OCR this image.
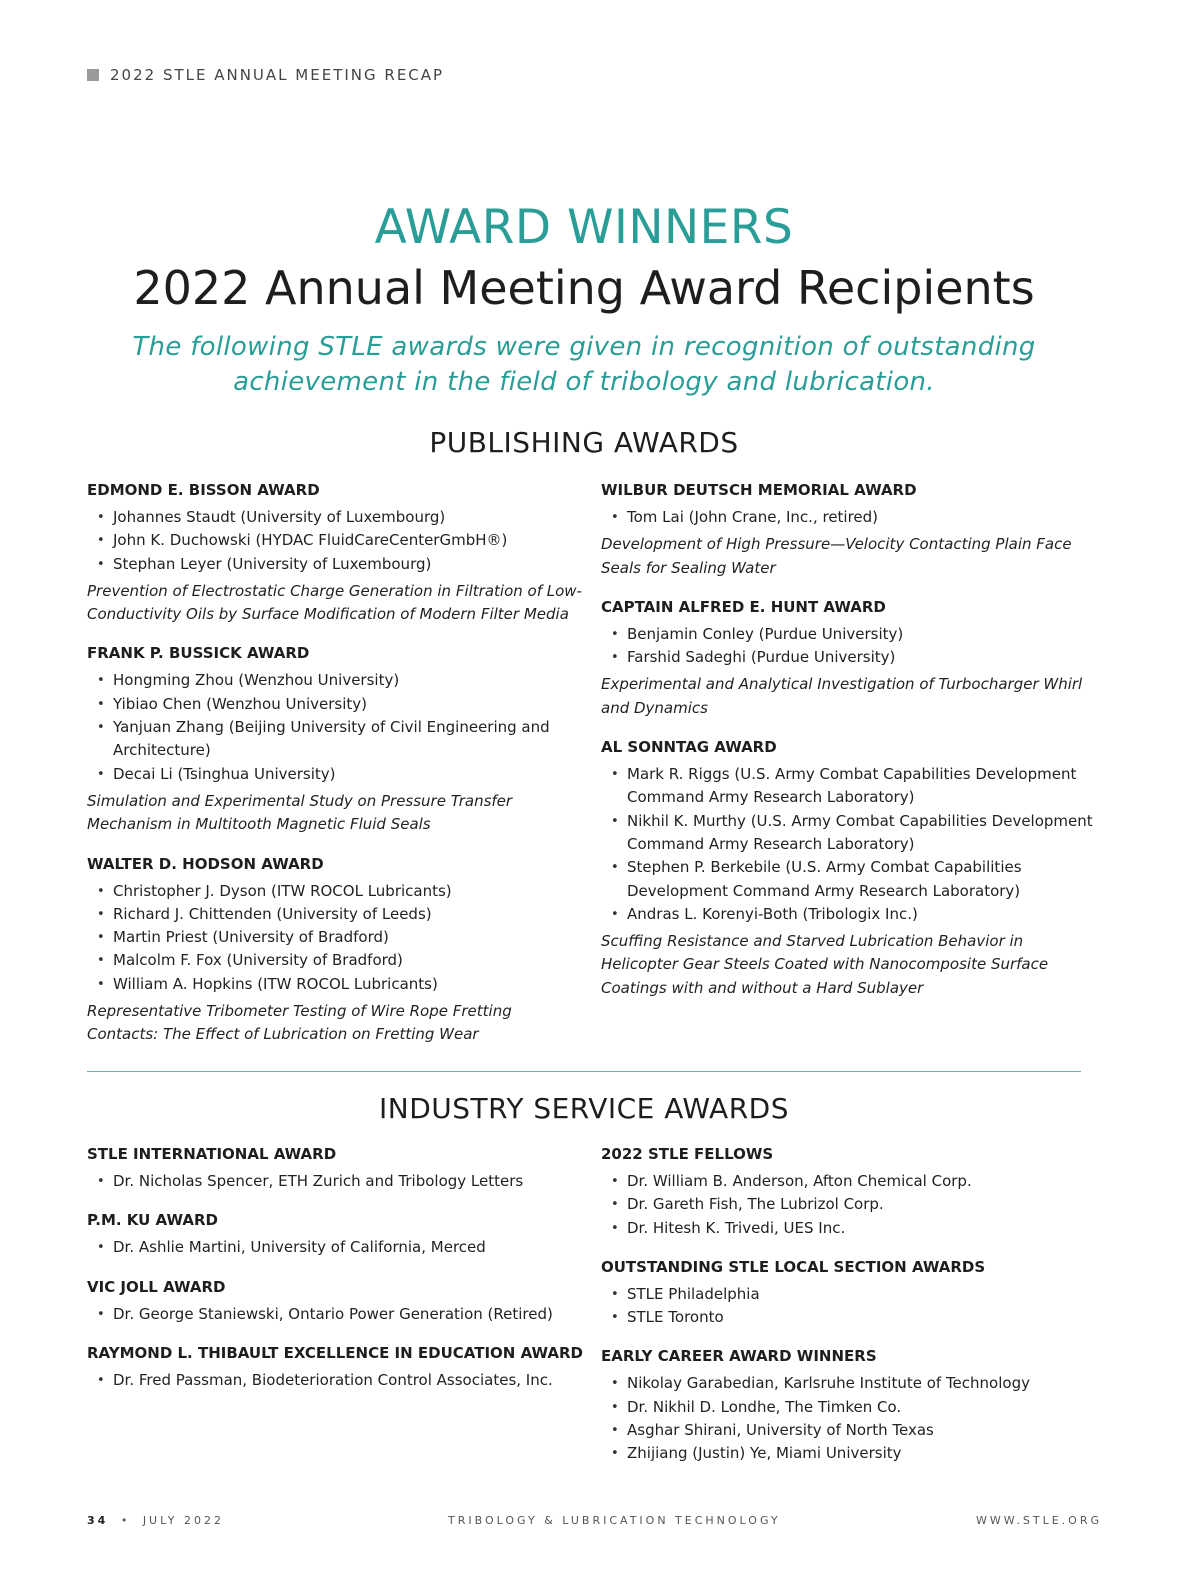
2022 STLE ANNUAL MEETING RECAP
AWARD WINNERS
2022 Annual Meeting Award Recipients
The following STLE awards were given in recognition of outstanding achievement in the field of tribology and lubrication.
PUBLISHING AWARDS
EDMOND E. BISSON AWARD
• Johannes Staudt (University of Luxembourg)
• John K. Duchowski (HYDAC FluidCareCenterGmbH®)
• Stephan Leyer (University of Luxembourg)
Prevention of Electrostatic Charge Generation in Filtration of Low-Conductivity Oils by Surface Modification of Modern Filter Media
FRANK P. BUSSICK AWARD
• Hongming Zhou (Wenzhou University)
• Yibiao Chen (Wenzhou University)
• Yanjuan Zhang (Beijing University of Civil Engineering and Architecture)
• Decai Li (Tsinghua University)
Simulation and Experimental Study on Pressure Transfer Mechanism in Multitooth Magnetic Fluid Seals
WALTER D. HODSON AWARD
• Christopher J. Dyson (ITW ROCOL Lubricants)
• Richard J. Chittenden (University of Leeds)
• Martin Priest (University of Bradford)
• Malcolm F. Fox (University of Bradford)
• William A. Hopkins (ITW ROCOL Lubricants)
Representative Tribometer Testing of Wire Rope Fretting Contacts: The Effect of Lubrication on Fretting Wear
WILBUR DEUTSCH MEMORIAL AWARD
• Tom Lai (John Crane, Inc., retired)
Development of High Pressure—Velocity Contacting Plain Face Seals for Sealing Water
CAPTAIN ALFRED E. HUNT AWARD
• Benjamin Conley (Purdue University)
• Farshid Sadeghi (Purdue University)
Experimental and Analytical Investigation of Turbocharger Whirl and Dynamics
AL SONNTAG AWARD
• Mark R. Riggs (U.S. Army Combat Capabilities Development Command Army Research Laboratory)
• Nikhil K. Murthy (U.S. Army Combat Capabilities Development Command Army Research Laboratory)
• Stephen P. Berkebile (U.S. Army Combat Capabilities Development Command Army Research Laboratory)
• Andras L. Korenyi-Both (Tribologix Inc.)
Scuffing Resistance and Starved Lubrication Behavior in Helicopter Gear Steels Coated with Nanocomposite Surface Coatings with and without a Hard Sublayer
INDUSTRY SERVICE AWARDS
STLE INTERNATIONAL AWARD
• Dr. Nicholas Spencer, ETH Zurich and Tribology Letters
P.M. KU AWARD
• Dr. Ashlie Martini, University of California, Merced
VIC JOLL AWARD
• Dr. George Staniewski, Ontario Power Generation (Retired)
RAYMOND L. THIBAULT EXCELLENCE IN EDUCATION AWARD
• Dr. Fred Passman, Biodeterioration Control Associates, Inc.
2022 STLE FELLOWS
• Dr. William B. Anderson, Afton Chemical Corp.
• Dr. Gareth Fish, The Lubrizol Corp.
• Dr. Hitesh K. Trivedi, UES Inc.
OUTSTANDING STLE LOCAL SECTION AWARDS
• STLE Philadelphia
• STLE Toronto
EARLY CAREER AWARD WINNERS
• Nikolay Garabedian, Karlsruhe Institute of Technology
• Dr. Nikhil D. Londhe, The Timken Co.
• Asghar Shirani, University of North Texas
• Zhijiang (Justin) Ye, Miami University
34 • JULY 2022	TRIBOLOGY & LUBRICATION TECHNOLOGY	WWW.STLE.ORG
